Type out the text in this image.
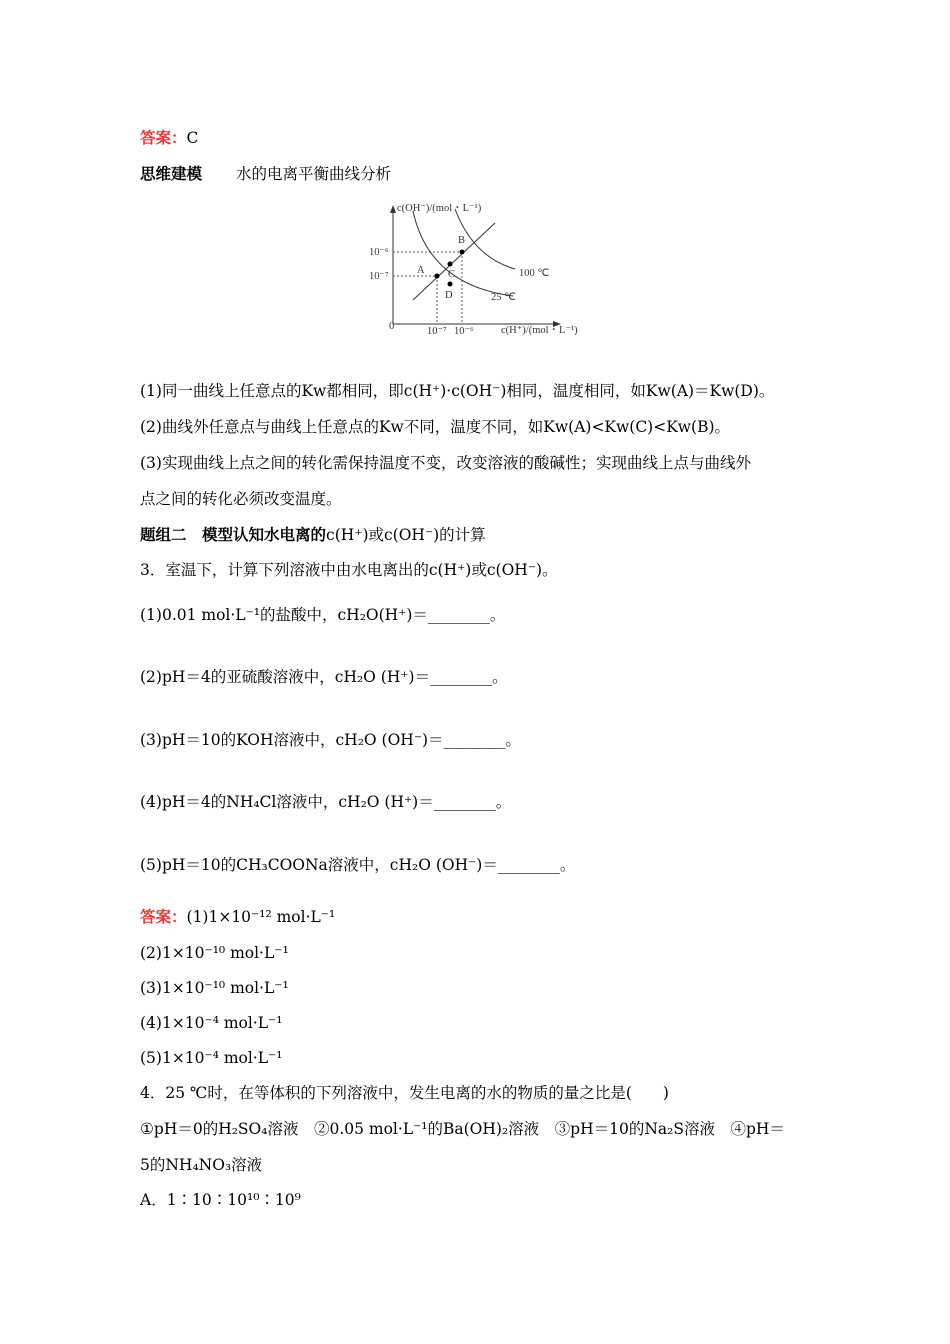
答案：C
思维建模 水的电离平衡曲线分析
c(OH⁻)/(mol・L⁻¹)
c(H⁺)/(mol・L⁻¹)
0
10⁻⁶
10⁻⁷
10⁻⁷ 10⁻⁶
A
B
C
D
100 ℃
25 ℃
(1)同一曲线上任意点的Kw都相同，即c(H⁺)·c(OH⁻)相同，温度相同，如Kw(A)＝Kw(D)。
(2)曲线外任意点与曲线上任意点的Kw不同，温度不同，如Kw(A)<Kw(C)<Kw(B)。
(3)实现曲线上点之间的转化需保持温度不变，改变溶液的酸碱性；实现曲线上点与曲线外
点之间的转化必须改变温度。
题组二　模型认知水电离的c(H⁺)或c(OH⁻)的计算
3．室温下，计算下列溶液中由水电离出的c(H⁺)或c(OH⁻)。
(1)0.01 mol·L⁻¹的盐酸中，cH₂O(H⁺)＝________。
(2)pH＝4的亚硫酸溶液中，cH₂O (H⁺)＝________。
(3)pH＝10的KOH溶液中，cH₂O (OH⁻)＝________。
(4)pH＝4的NH₄Cl溶液中，cH₂O (H⁺)＝________。
(5)pH＝10的CH₃COONa溶液中，cH₂O (OH⁻)＝________。
答案：(1)1×10⁻¹² mol·L⁻¹
(2)1×10⁻¹⁰ mol·L⁻¹
(3)1×10⁻¹⁰ mol·L⁻¹
(4)1×10⁻⁴ mol·L⁻¹
(5)1×10⁻⁴ mol·L⁻¹
4．25 ℃时，在等体积的下列溶液中，发生电离的水的物质的量之比是(　　)
①pH＝0的H₂SO₄溶液　②0.05 mol·L⁻¹的Ba(OH)₂溶液　③pH＝10的Na₂S溶液　④pH＝
5的NH₄NO₃溶液
A．1∶10∶10¹⁰∶10⁹
